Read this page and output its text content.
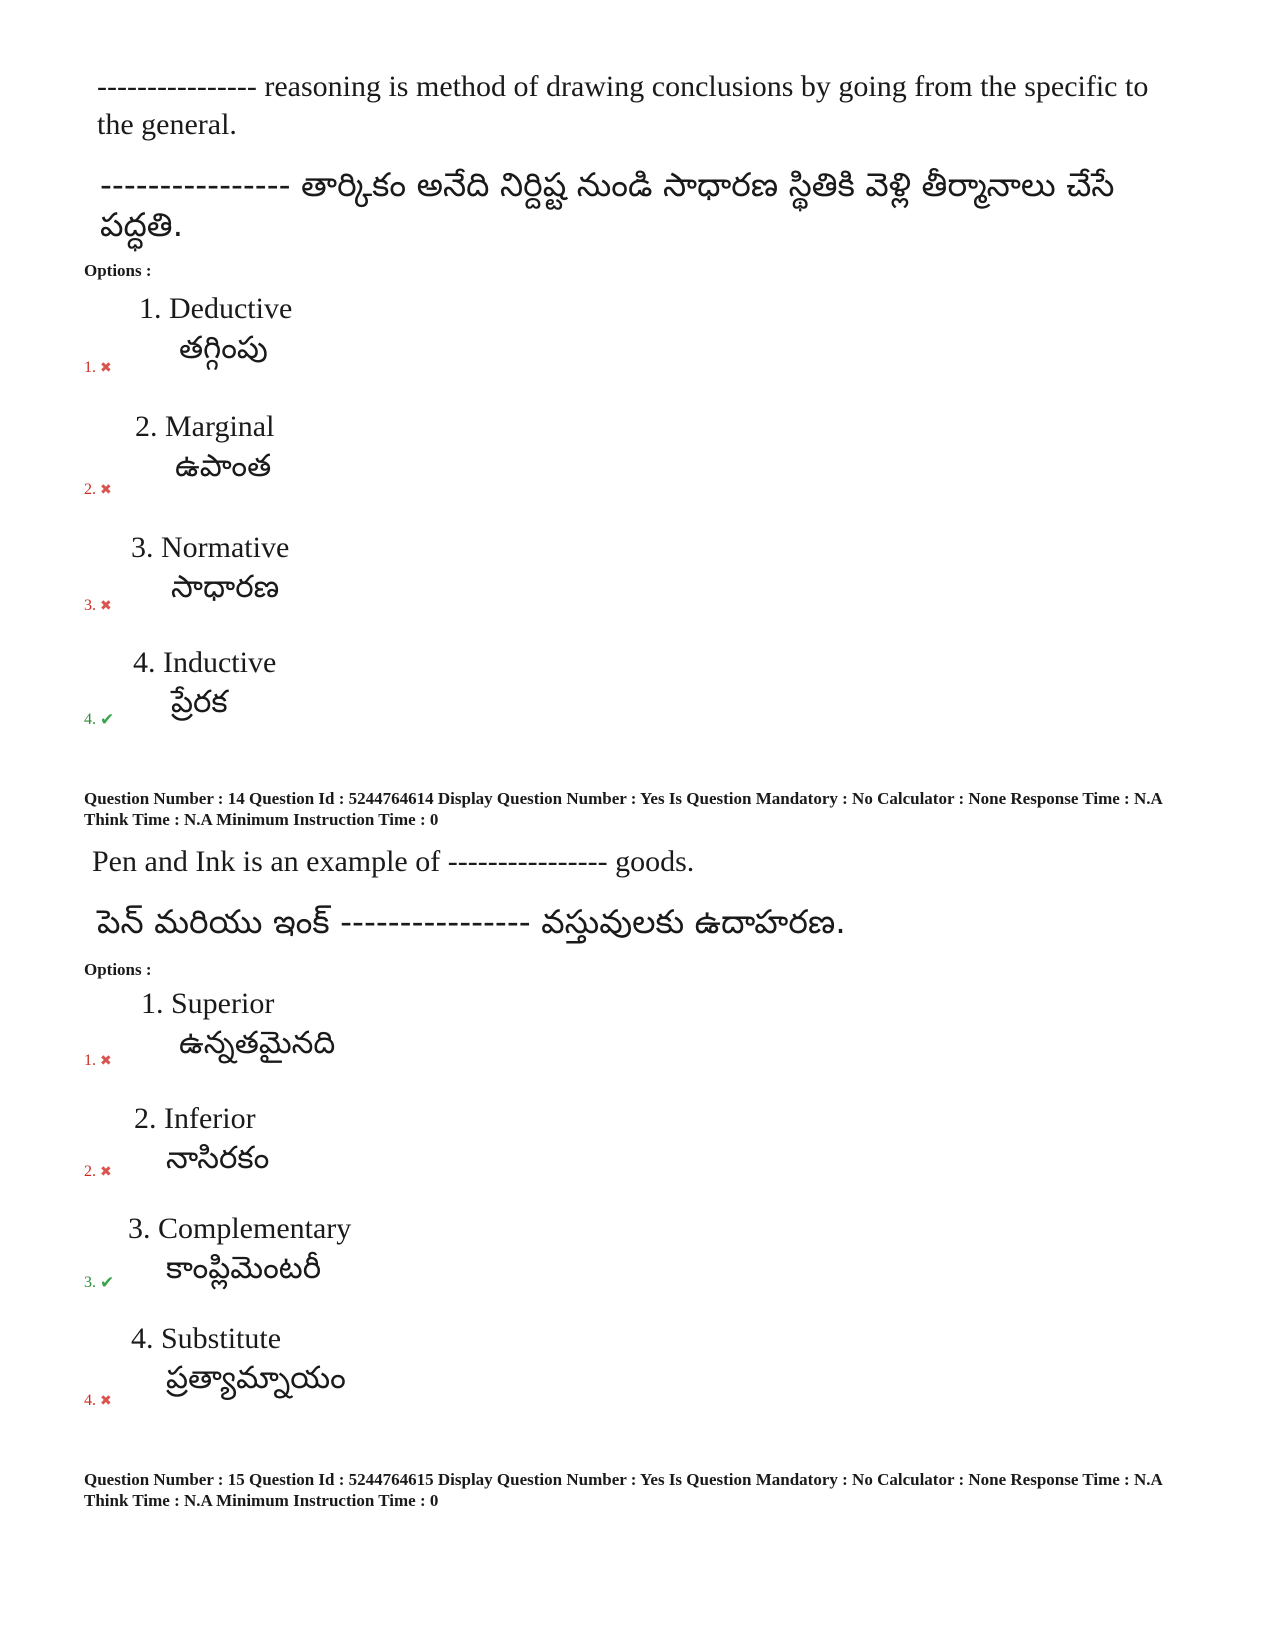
---------------- reasoning is method of drawing conclusions by going from the specific to the general.
---------------- తార్కికం అనేది నిర్దిష్ట నుండి సాధారణ స్థితికి వెళ్లి తీర్మానాలు చేసే పద్ధతి.
Options :
1. Deductive
తగ్గింపు
1. ✖
2. Marginal
ఉపాంత
2. ✖
3. Normative
సాధారణ
3. ✖
4. Inductive
ప్రేరక
4. ✔
Question Number : 14 Question Id : 5244764614 Display Question Number : Yes Is Question Mandatory : No Calculator : None Response Time : N.A Think Time : N.A Minimum Instruction Time : 0
Pen and Ink is an example of ---------------- goods.
పెన్ మరియు ఇంక్ ---------------- వస్తువులకు ఉదాహరణ.
Options :
1. Superior
ఉన్నతమైనది
1. ✖
2. Inferior
నాసిరకం
2. ✖
3. Complementary
కాంప్లిమెంటరీ
3. ✔
4. Substitute
ప్రత్యామ్నాయం
4. ✖
Question Number : 15 Question Id : 5244764615 Display Question Number : Yes Is Question Mandatory : No Calculator : None Response Time : N.A Think Time : N.A Minimum Instruction Time : 0
